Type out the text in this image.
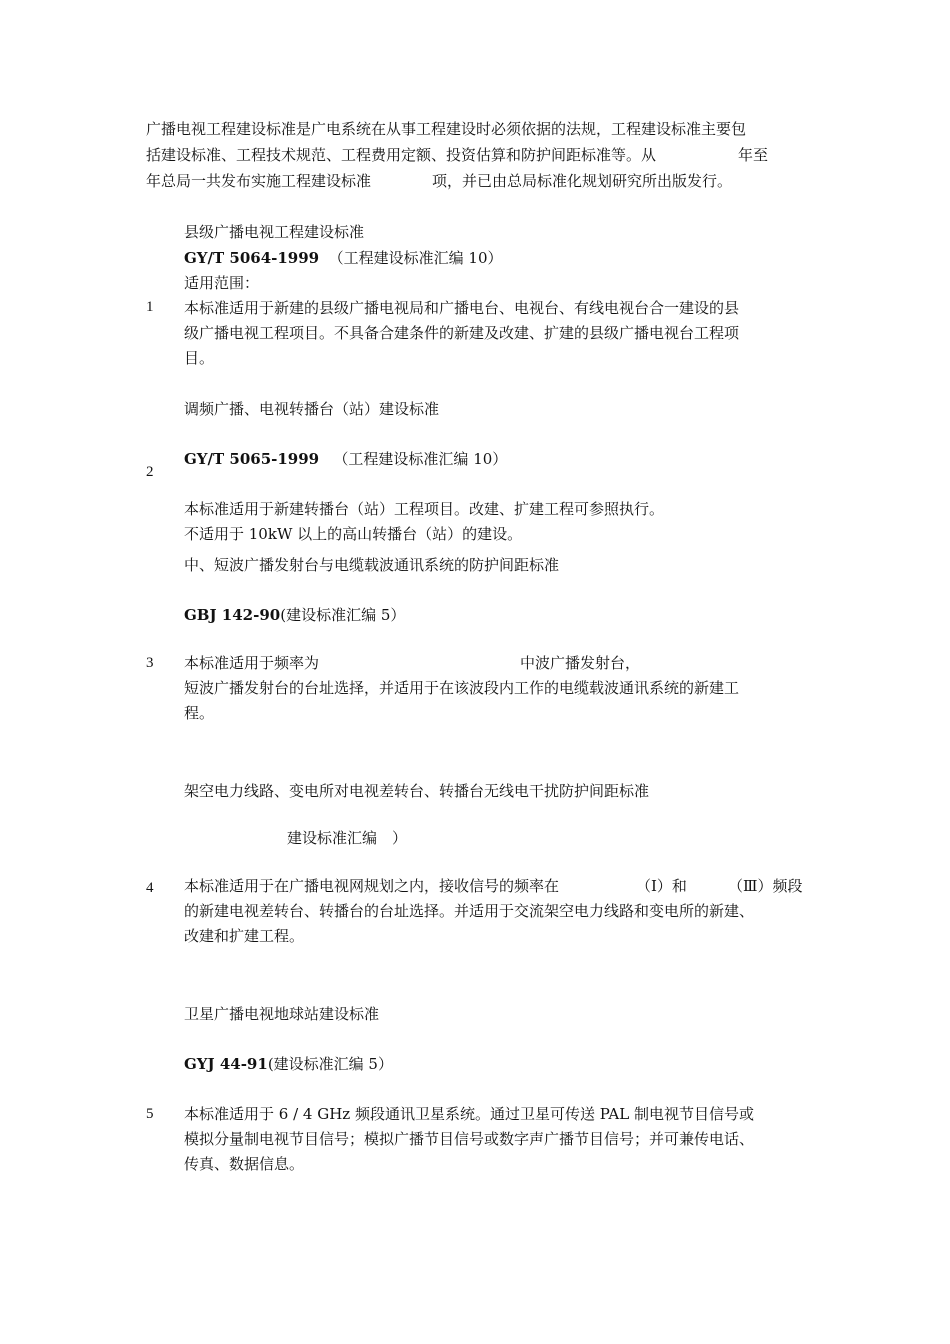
广播电视工程建设标准是广电系统在从事工程建设时必须依据的法规，工程建设标准主要包
括建设标准、工程技术规范、工程费用定额、投资估算和防护间距标准等。从	年至
年总局一共发布实施工程建设标准	项，并已由总局标准化规划研究所出版发行。
县级广播电视工程建设标准
GY/T 5064-1999 （工程建设标准汇编 10）
适用范围：
1 本标准适用于新建的县级广播电视局和广播电台、电视台、有线电视台合一建设的县
级广播电视工程项目。不具备合建条件的新建及改建、扩建的县级广播电视台工程项
目。
调频广播、电视转播台（站）建设标准
GY/T 5065-1999 （工程建设标准汇编 10）
2
本标准适用于新建转播台（站）工程项目。改建、扩建工程可参照执行。
不适用于 10kW 以上的高山转播台（站）的建设。
中、短波广播发射台与电缆载波通讯系统的防护间距标准
GBJ 142-90(建设标准汇编 5）
3 本标准适用于频率为	中波广播发射台，
短波广播发射台的台址选择，并适用于在该波段内工作的电缆载波通讯系统的新建工
程。
架空电力线路、变电所对电视差转台、转播台无线电干扰防护间距标准
建设标准汇编　）
4 本标准适用于在广播电视网规划之内，接收信号的频率在	（Ⅰ）和	（Ⅲ）频段
的新建电视差转台、转播台的台址选择。并适用于交流架空电力线路和变电所的新建、
改建和扩建工程。
卫星广播电视地球站建设标准
GYJ 44-91(建设标准汇编 5）
5 本标准适用于 6 / 4 GHz 频段通讯卫星系统。通过卫星可传送 PAL 制电视节目信号或
模拟分量制电视节目信号；模拟广播节目信号或数字声广播节目信号；并可兼传电话、
传真、数据信息。
